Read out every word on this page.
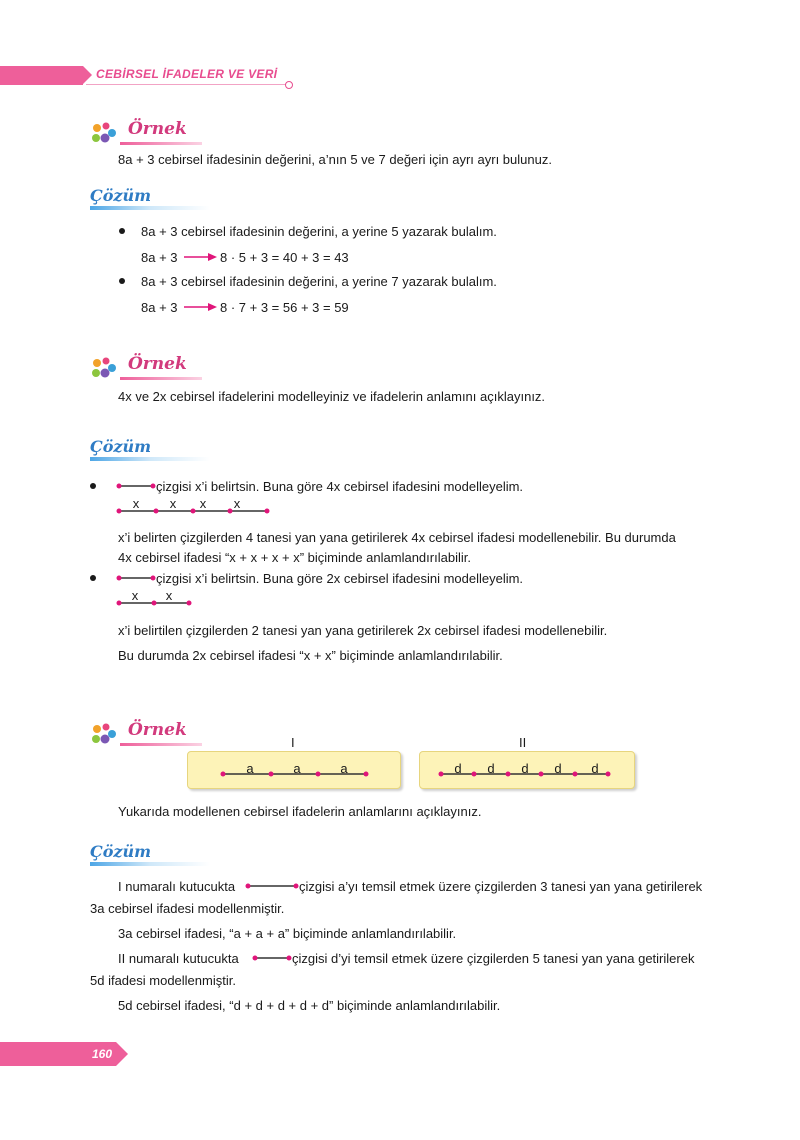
CEBİRSEL İFADELER VE VERİ
Örnek
8a + 3 cebirsel ifadesinin değerini, a’nın 5 ve 7 değeri için ayrı ayrı bulunuz.
Çözüm
8a + 3 cebirsel ifadesinin değerini, a yerine 5 yazarak bulalım.
8a + 3	8 · 5 + 3 = 40 + 3 = 43
8a + 3 cebirsel ifadesinin değerini, a yerine 7 yazarak bulalım.
8a + 3	8 · 7 + 3 = 56 + 3 = 59
Örnek
4x ve 2x cebirsel ifadelerini modelleyiniz ve ifadelerin anlamını açıklayınız.
Çözüm
çizgisi x’i belirtsin. Buna göre 4x cebirsel ifadesini modelleyelim.
x	x	x	x
x’i belirten çizgilerden 4 tanesi yan yana getirilerek 4x cebirsel ifadesi modellenebilir. Bu durumda
4x cebirsel ifadesi “x + x + x + x” biçiminde anlamlandırılabilir.
çizgisi x’i belirtsin. Buna göre 2x cebirsel ifadesini modelleyelim.
x	x
x’i belirtilen çizgilerden 2 tanesi yan yana getirilerek 2x cebirsel ifadesi modellenebilir.
Bu durumda 2x cebirsel ifadesi “x + x” biçiminde anlamlandırılabilir.
Örnek
I
a	a	a
II
d	d	d	d	d
Yukarıda modellenen cebirsel ifadelerin anlamlarını açıklayınız.
Çözüm
I numaralı kutucukta	çizgisi a’yı temsil etmek üzere çizgilerden 3 tanesi yan yana getirilerek
3a cebirsel ifadesi modellenmiştir.
3a cebirsel ifadesi, “a + a + a” biçiminde anlamlandırılabilir.
II numaralı kutucukta	çizgisi d’yi temsil etmek üzere çizgilerden 5 tanesi yan yana getirilerek
5d ifadesi modellenmiştir.
5d cebirsel ifadesi, “d + d + d + d + d” biçiminde anlamlandırılabilir.
160
